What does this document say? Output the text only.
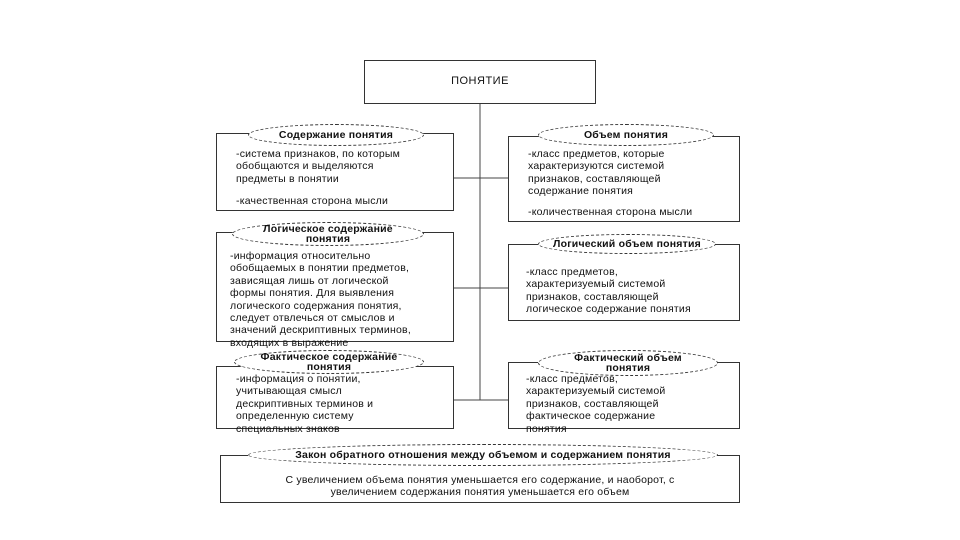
ПОНЯТИЕ
Содержание понятия
-система признаков, по которым
обобщаются и выделяются
предметы в понятии
-качественная сторона мысли
Логическое содержание
понятия
-информация относительно
обобщаемых в понятии предметов,
зависящая лишь от логической
формы понятия. Для выявления
логического содержания понятия,
следует отвлечься от смыслов и
значений дескриптивных терминов,
входящих в выражение
Фактическое содержание
понятия
-информация о понятии,
учитывающая смысл
дескриптивных терминов и
определенную систему
специальных знаков
Объем понятия
-класс предметов, которые
характеризуются системой
признаков, составляющей
содержание понятия
-количественная сторона мысли
Логический объем понятия
-класс предметов,
характеризуемый системой
признаков, составляющей
логическое содержание понятия
Фактический объем
понятия
-класс предметов,
характеризуемый системой
признаков, составляющей
фактическое содержание
понятия
Закон обратного отношения между объемом и содержанием понятия
С увеличением объема понятия уменьшается его содержание, и наоборот, с
увеличением содержания понятия уменьшается его объем
